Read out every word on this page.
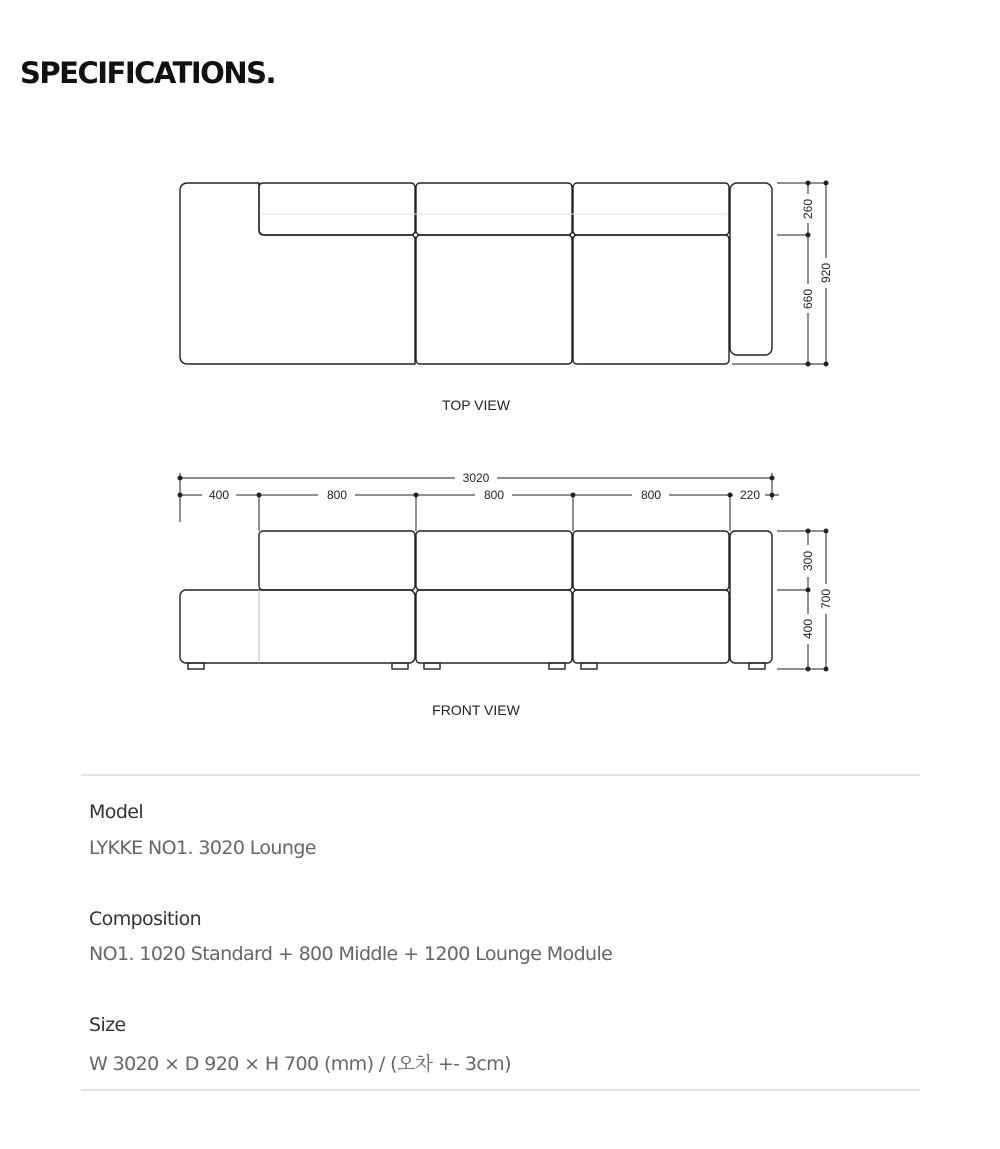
SPECIFICATIONS.
260
660
920
TOP VIEW
3020
400	800	800	800	220
300
400
700
FRONT VIEW

Model

LYKKE NO1. 3020 Lounge

Composition

NO1. 1020 Standard + 800 Middle + 1200 Lounge Module

Size

W 3020 × D 920 × H 700 (mm) / (오차 +- 3cm)
